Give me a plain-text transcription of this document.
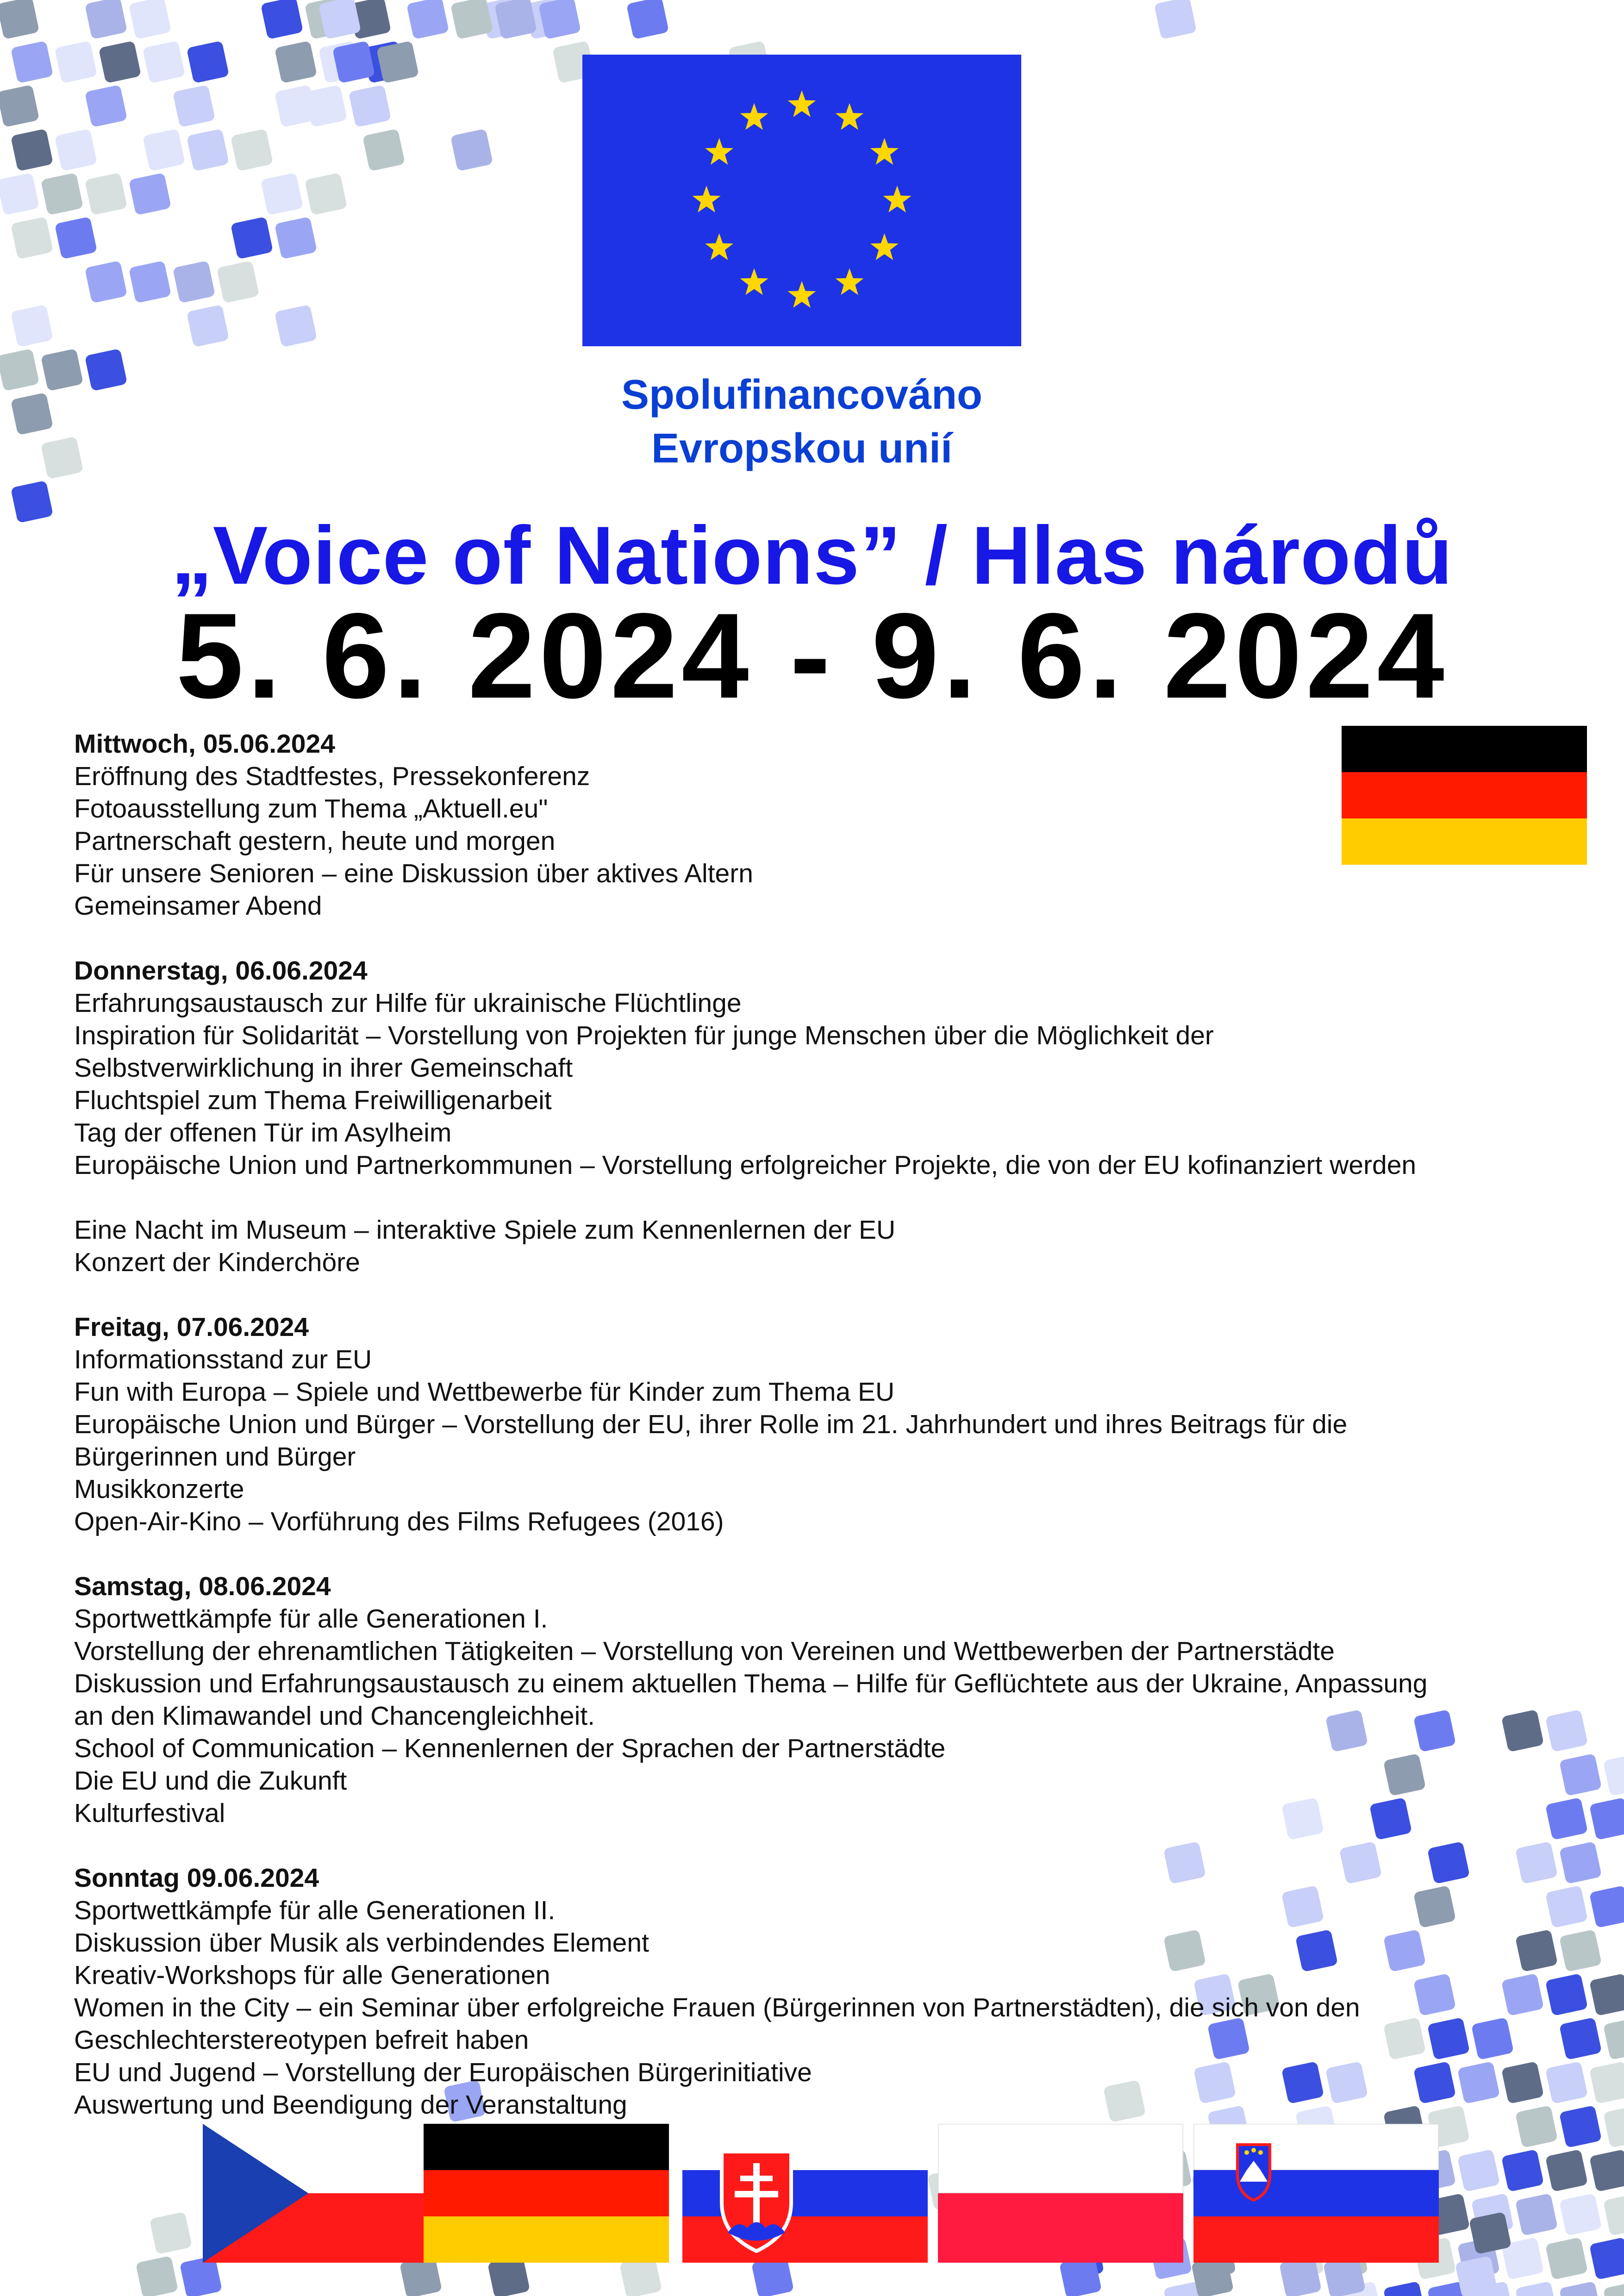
Spolufinancováno
Evropskou unií
„Voice of Nations” / Hlas národů
5. 6. 2024 - 9. 6. 2024
Mittwoch, 05.06.2024
Eröffnung des Stadtfestes, Pressekonferenz
Fotoausstellung zum Thema „Aktuell.eu"
Partnerschaft gestern, heute und morgen
Für unsere Senioren – eine Diskussion über aktives Altern
Gemeinsamer Abend
Donnerstag, 06.06.2024
Erfahrungsaustausch zur Hilfe für ukrainische Flüchtlinge
Inspiration für Solidarität – Vorstellung von Projekten für junge Menschen über die Möglichkeit der
Selbstverwirklichung in ihrer Gemeinschaft
Fluchtspiel zum Thema Freiwilligenarbeit
Tag der offenen Tür im Asylheim
Europäische Union und Partnerkommunen – Vorstellung erfolgreicher Projekte, die von der EU kofinanziert werden
Eine Nacht im Museum – interaktive Spiele zum Kennenlernen der EU
Konzert der Kinderchöre
Freitag, 07.06.2024
Informationsstand zur EU
Fun with Europa – Spiele und Wettbewerbe für Kinder zum Thema EU
Europäische Union und Bürger – Vorstellung der EU, ihrer Rolle im 21. Jahrhundert und ihres Beitrags für die
Bürgerinnen und Bürger
Musikkonzerte
Open-Air-Kino – Vorführung des Films Refugees (2016)
Samstag, 08.06.2024
Sportwettkämpfe für alle Generationen I.
Vorstellung der ehrenamtlichen Tätigkeiten – Vorstellung von Vereinen und Wettbewerben der Partnerstädte
Diskussion und Erfahrungsaustausch zu einem aktuellen Thema – Hilfe für Geflüchtete aus der Ukraine, Anpassung
an den Klimawandel und Chancengleichheit.
School of Communication – Kennenlernen der Sprachen der Partnerstädte
Die EU und die Zukunft
Kulturfestival
Sonntag 09.06.2024
Sportwettkämpfe für alle Generationen II.
Diskussion über Musik als verbindendes Element
Kreativ-Workshops für alle Generationen
Women in the City – ein Seminar über erfolgreiche Frauen (Bürgerinnen von Partnerstädten), die sich von den
Geschlechterstereotypen befreit haben
EU und Jugend – Vorstellung der Europäischen Bürgerinitiative
Auswertung und Beendigung der Veranstaltung
